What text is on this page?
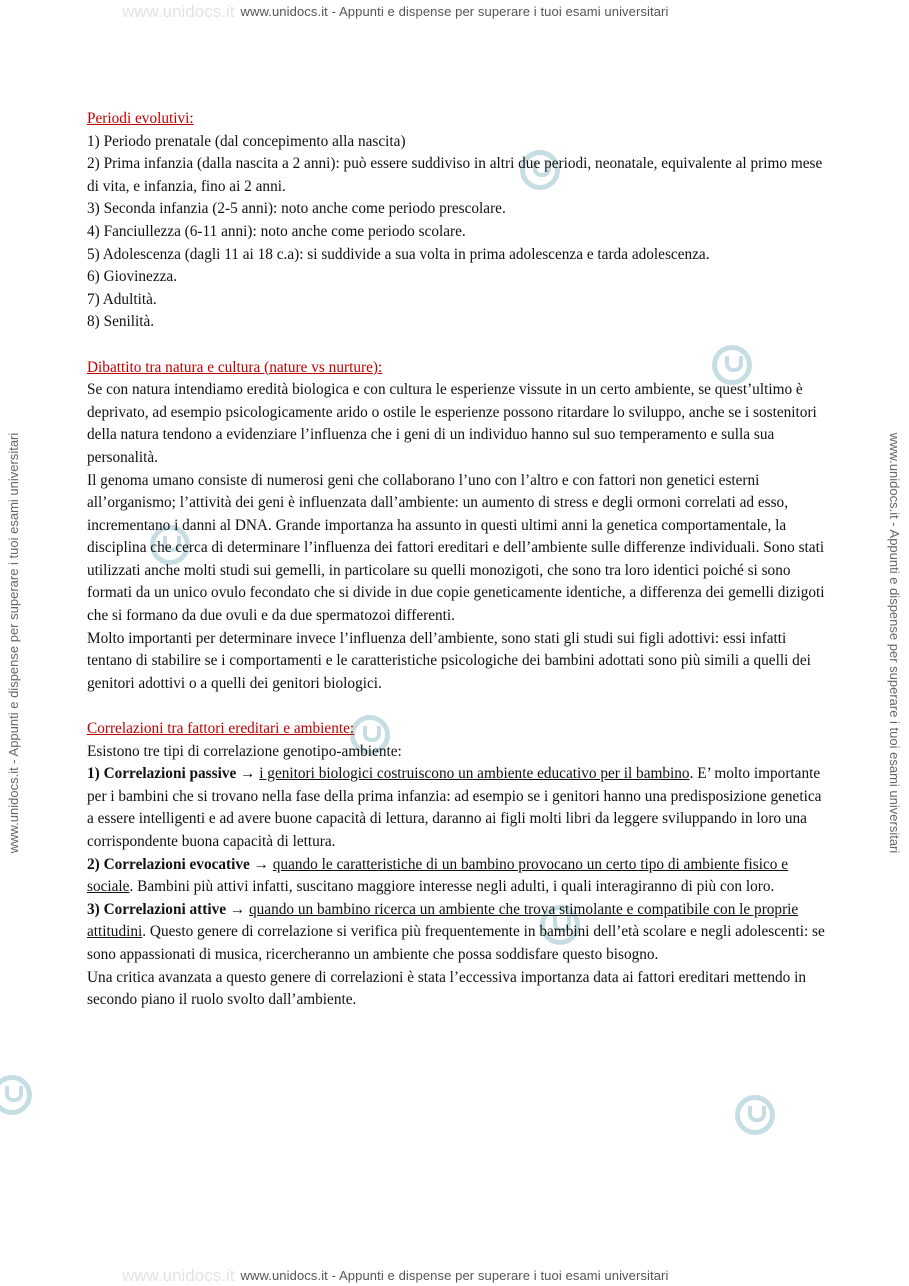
www.unidocs.it www.unidocs.it - Appunti e dispense per superare i tuoi esami universitari
www.unidocs.it www.unidocs.it - Appunti e dispense per superare i tuoi esami universitari
www.unidocs.it - Appunti e dispense per superare i tuoi esami universitari	www.unidocs.it - Appunti e dispense per superare i tuoi esami universitari

Periodi evolutivi:

1) Periodo prenatale (dal concepimento alla nascita)

2) Prima infanzia (dalla nascita a 2 anni): può essere suddiviso in altri due periodi, neonatale, equivalente al primo mese di vita, e infanzia, fino ai 2 anni.

3) Seconda infanzia (2-5 anni): noto anche come periodo prescolare.

4) Fanciullezza (6-11 anni): noto anche come periodo scolare.

5) Adolescenza (dagli 11 ai 18 c.a): si suddivide a sua volta in prima adolescenza e tarda adolescenza.

6) Giovinezza.

7) Adultità.

8) Senilità.

Dibattito tra natura e cultura (nature vs nurture):

Se con natura intendiamo eredità biologica e con cultura le esperienze vissute in un certo ambiente, se quest’ultimo è deprivato, ad esempio psicologicamente arido o ostile le esperienze possono ritardare lo sviluppo, anche se i sostenitori della natura tendono a evidenziare l’influenza che i geni di un individuo hanno sul suo temperamento e sulla sua personalità.

Il genoma umano consiste di numerosi geni che collaborano l’uno con l’altro e con fattori non genetici esterni all’organismo; l’attività dei geni è influenzata dall’ambiente: un aumento di stress e degli ormoni correlati ad esso, incrementano i danni al DNA. Grande importanza ha assunto in questi ultimi anni la genetica comportamentale, la disciplina che cerca di determinare l’influenza dei fattori ereditari e dell’ambiente sulle differenze individuali. Sono stati utilizzati anche molti studi sui gemelli, in particolare su quelli monozigoti, che sono tra loro identici poiché si sono formati da un unico ovulo fecondato che si divide in due copie geneticamente identiche, a differenza dei gemelli dizigoti che si formano da due ovuli e da due spermatozoi differenti.

Molto importanti per determinare invece l’influenza dell’ambiente, sono stati gli studi sui figli adottivi: essi infatti tentano di stabilire se i comportamenti e le caratteristiche psicologiche dei bambini adottati sono più simili a quelli dei genitori adottivi o a quelli dei genitori biologici.

Correlazioni tra fattori ereditari e ambiente:

Esistono tre tipi di correlazione genotipo-ambiente:

1) Correlazioni passive → i genitori biologici costruiscono un ambiente educativo per il bambino. E’ molto importante per i bambini che si trovano nella fase della prima infanzia: ad esempio se i genitori hanno una predisposizione genetica a essere intelligenti e ad avere buone capacità di lettura, daranno ai figli molti libri da leggere sviluppando in loro una corrispondente buona capacità di lettura.

2) Correlazioni evocative → quando le caratteristiche di un bambino provocano un certo tipo di ambiente fisico e sociale. Bambini più attivi infatti, suscitano maggiore interesse negli adulti, i quali interagiranno di più con loro.

3) Correlazioni attive → quando un bambino ricerca un ambiente che trova stimolante e compatibile con le proprie attitudini. Questo genere di correlazione si verifica più frequentemente in bambini dell’età scolare e negli adolescenti: se sono appassionati di musica, ricercheranno un ambiente che possa soddisfare questo bisogno.

Una critica avanzata a questo genere di correlazioni è stata l’eccessiva importanza data ai fattori ereditari mettendo in secondo piano il ruolo svolto dall’ambiente.
